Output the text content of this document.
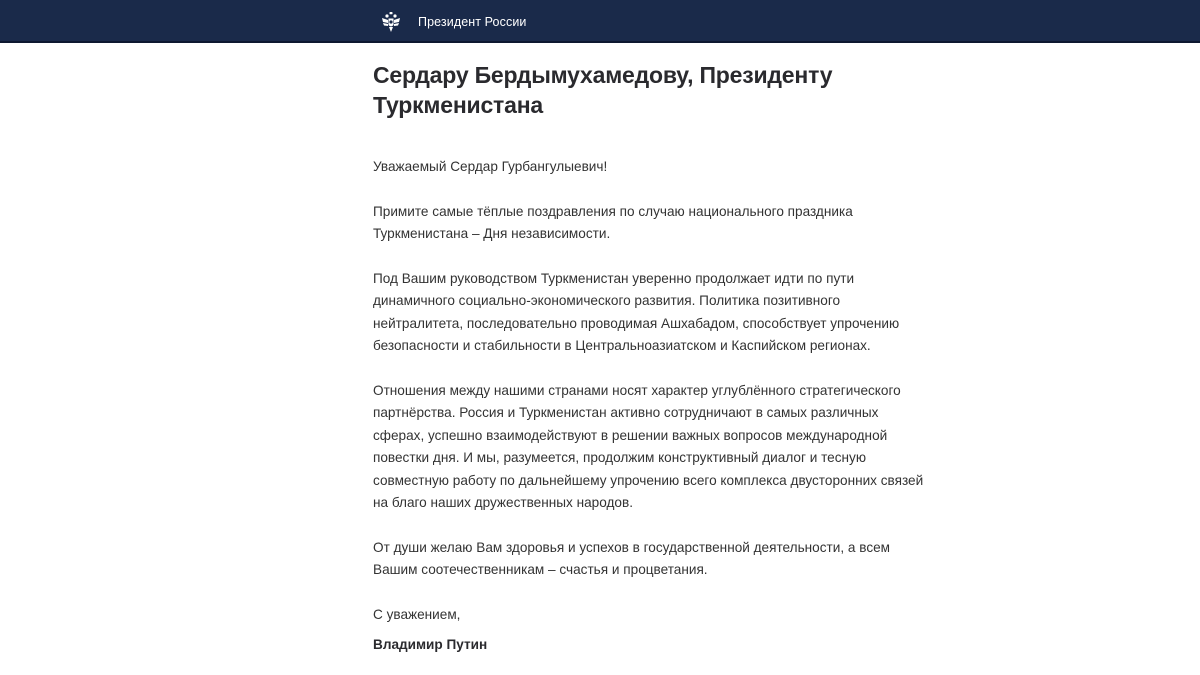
Президент России
Сердару Бердымухамедову, Президенту Туркменистана

Уважаемый Сердар Гурбангулыевич!

Примите самые тёплые поздравления по случаю национального праздника Туркменистана – Дня независимости.

Под Вашим руководством Туркменистан уверенно продолжает идти по пути динамичного социально-экономического развития. Политика позитивного нейтралитета, последовательно проводимая Ашхабадом, способствует упрочению безопасности и стабильности в Центральноазиатском и Каспийском регионах.

Отношения между нашими странами носят характер углублённого стратегического партнёрства. Россия и Туркменистан активно сотрудничают в самых различных сферах, успешно взаимодействуют в решении важных вопросов международной повестки дня. И мы, разумеется, продолжим конструктивный диалог и тесную совместную работу по дальнейшему упрочению всего комплекса двусторонних связей на благо наших дружественных народов.

От души желаю Вам здоровья и успехов в государственной деятельности, а всем Вашим соотечественникам – счастья и процветания.

С уважением,

Владимир Путин
